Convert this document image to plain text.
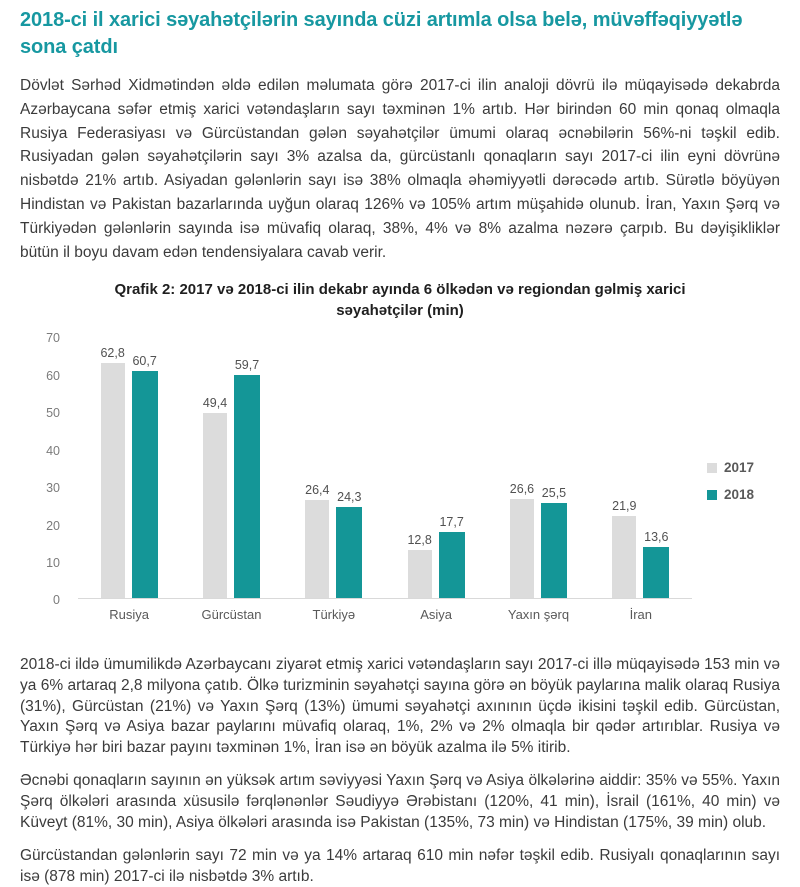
2018-ci il xarici səyahətçilərin sayında cüzi artımla olsa belə, müvəffəqiyyətlə sona çatdı

Dövlət Sərhəd Xidmətindən əldə edilən məlumata görə 2017-ci ilin analoji dövrü ilə müqayisədə dekabrda Azərbaycana səfər etmiş xarici vətəndaşların sayı təxminən 1% artıb. Hər birindən 60 min qonaq olmaqla Rusiya Federasiyası və Gürcüstandan gələn səyahətçilər ümumi olaraq əcnəbilərin 56%-ni təşkil edib. Rusiyadan gələn səyahətçilərin sayı 3% azalsa da, gürcüstanlı qonaqların sayı 2017-ci ilin eyni dövrünə nisbətdə 21% artıb. Asiyadan gələnlərin sayı isə 38% olmaqla əhəmiyyətli dərəcədə artıb. Sürətlə böyüyən Hindistan və Pakistan bazarlarında uyğun olaraq 126% və 105% artım müşahidə olunub. İran, Yaxın Şərq və Türkiyədən gələnlərin sayında isə müvafiq olaraq, 38%, 4% və 8% azalma nəzərə çarpıb. Bu dəyişikliklər bütün il boyu davam edən tendensiyalara cavab verir.

Qrafik 2: 2017 və 2018-ci ilin dekabr ayında 6 ölkədən və regiondan gəlmiş xarici səyahətçilər (min)
0
10
20
30
40
50
60
70
62,8
60,7
Rusiya
49,4
59,7
Gürcüstan
26,4
24,3
Türkiyə
12,8
17,7
Asiya
26,6 25,5
Yaxın şərq
21,9
13,6
İran
2017
2018

2018-ci ildə ümumilikdə Azərbaycanı ziyarət etmiş xarici vətəndaşların sayı 2017-ci illə müqayisədə 153 min və ya 6% artaraq 2,8 milyona çatıb. Ölkə turizminin səyahətçi sayına görə ən böyük paylarına malik olaraq Rusiya (31%), Gürcüstan (21%) və Yaxın Şərq (13%) ümumi səyahətçi axınının üçdə ikisini təşkil edib. Gürcüstan, Yaxın Şərq və Asiya bazar paylarını müvafiq olaraq, 1%, 2% və 2% olmaqla bir qədər artırıblar. Rusiya və Türkiyə hər biri bazar payını təxminən 1%, İran isə ən böyük azalma ilə 5% itirib.

Əcnəbi qonaqların sayının ən yüksək artım səviyyəsi Yaxın Şərq və Asiya ölkələrinə aiddir: 35% və 55%. Yaxın Şərq ölkələri arasında xüsusilə fərqlənənlər Səudiyyə Ərəbistanı (120%, 41 min), İsrail (161%, 40 min) və Küveyt (81%, 30 min), Asiya ölkələri arasında isə Pakistan (135%, 73 min) və Hindistan (175%, 39 min) olub.

Gürcüstandan gələnlərin sayı 72 min və ya 14% artaraq 610 min nəfər təşkil edib. Rusiyalı qonaqlarının sayı isə (878 min) 2017-ci ilə nisbətdə 3% artıb.
